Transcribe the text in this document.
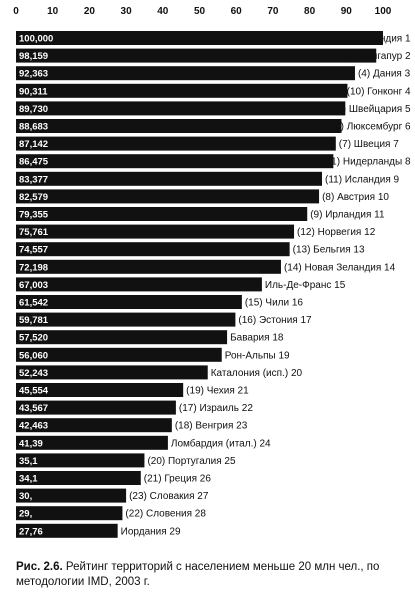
0	10	20	30	40	50	60	70	80	90 100
100,000	(2) Финляндия 1
98,159	(6) Сингапур 2
92,363	(4) Дания 3
90,311	(10) Гонконг 4
89,730	(3) Швейцария 5
88,683	(5) Люксембург 6
87,142	(7) Швеция 7
86,475	(1) Нидерланды 8
83,377	(11) Исландия 9
82,579	(8) Австрия 10
79,355	(9) Ирландия 11
75,761	(12) Норвегия 12
74,557	(13) Бельгия 13
72,198	(14) Новая Зеландия 14
67,003	Иль-Де-Франс 15
61,542	(15) Чили 16
59,781	(16) Эстония 17
57,520	Бавария 18
56,060	Рон-Альпы 19
52,243	Каталония (исп.) 20
45,554	(19) Чехия 21
43,567	(17) Израиль 22
42,463	(18) Венгрия 23
41,39	Ломбардия (итал.) 24
35,1	(20) Португалия 25
34,1	(21) Греция 26
30,	(23) Словакия 27
29,	(22) Словения 28
27,76	Иордания 29
Рис. 2.6. Рейтинг территорий с населением меньше 20 млн чел., по методологии IMD, 2003 г.
